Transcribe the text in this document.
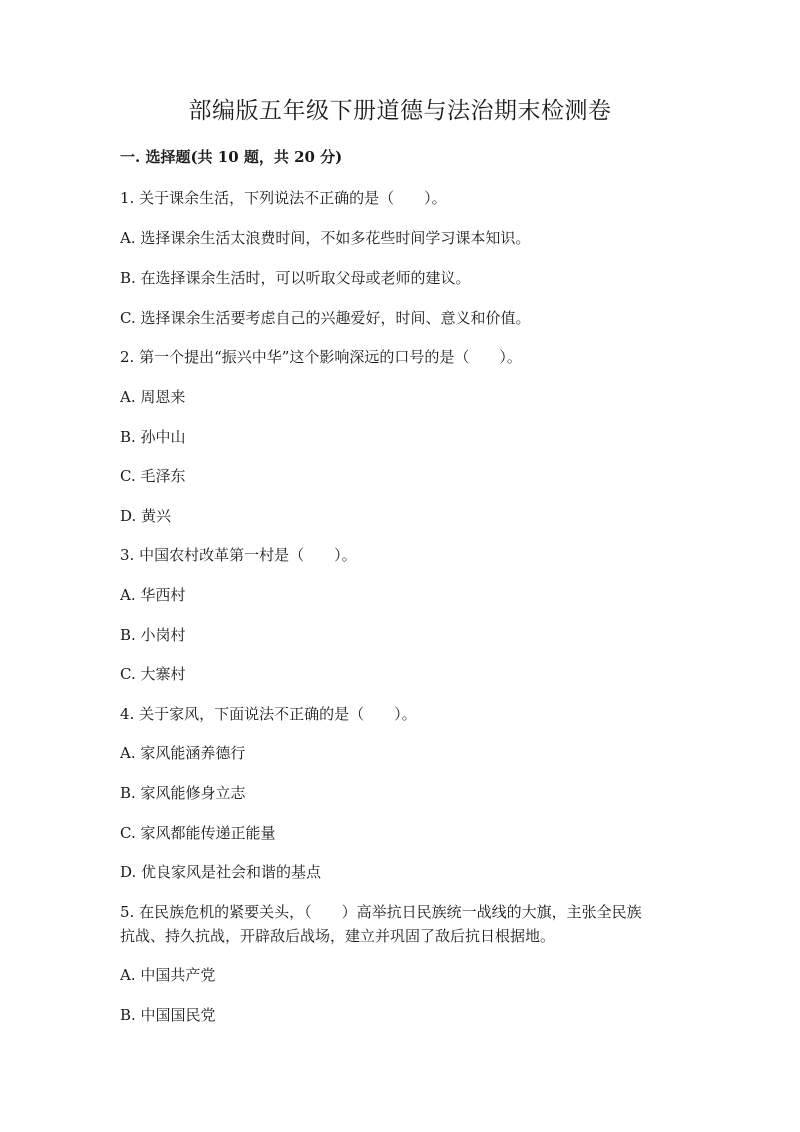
部编版五年级下册道德与法治期末检测卷

一. 选择题(共 10 题，共 20 分)

1. 关于课余生活，下列说法不正确的是（　　）。

A. 选择课余生活太浪费时间，不如多花些时间学习课本知识。

B. 在选择课余生活时，可以听取父母或老师的建议。

C. 选择课余生活要考虑自己的兴趣爱好，时间、意义和价值。

2. 第一个提出“振兴中华”这个影响深远的口号的是（　　）。

A. 周恩来

B. 孙中山

C. 毛泽东

D. 黄兴

3. 中国农村改革第一村是（　　）。

A. 华西村

B. 小岗村

C. 大寨村

4. 关于家风，下面说法不正确的是（　　）。

A. 家风能涵养德行

B. 家风能修身立志

C. 家风都能传递正能量

D. 优良家风是社会和谐的基点

5. 在民族危机的紧要关头，（　　）高举抗日民族统一战线的大旗，主张全民族

抗战、持久抗战，开辟敌后战场，建立并巩固了敌后抗日根据地。

A. 中国共产党

B. 中国国民党
